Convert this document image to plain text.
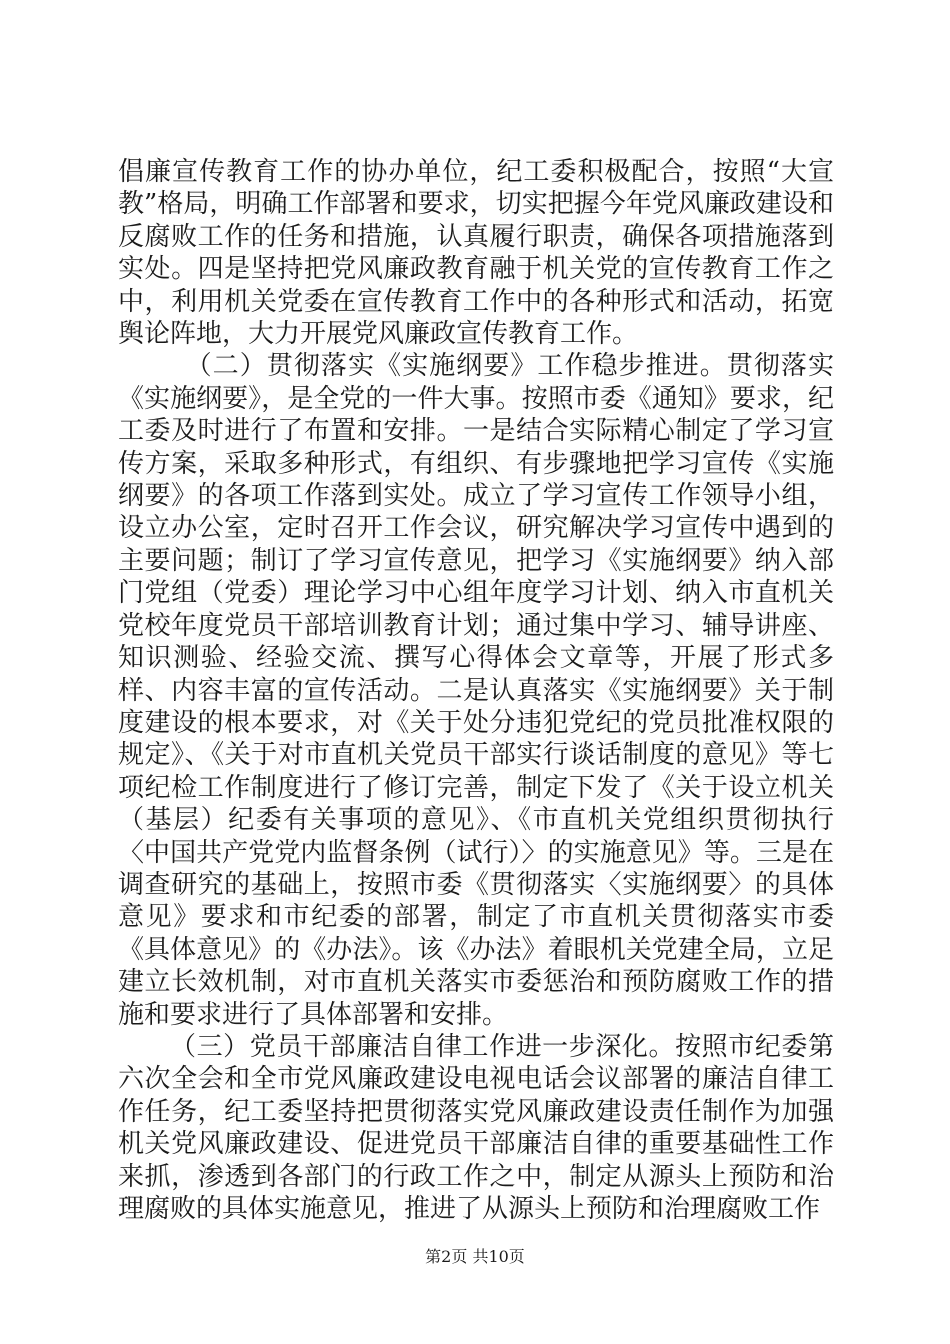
倡廉宣传教育工作的协办单位，纪工委积极配合，按照“大宣教”格局，明确工作部署和要求，切实把握今年党风廉政建设和反腐败工作的任务和措施，认真履行职责，确保各项措施落到实处。四是坚持把党风廉政教育融于机关党的宣传教育工作之中，利用机关党委在宣传教育工作中的各种形式和活动，拓宽舆论阵地，大力开展党风廉政宣传教育工作。

（二）贯彻落实《实施纲要》工作稳步推进。贯彻落实《实施纲要》，是全党的一件大事。按照市委《通知》要求，纪工委及时进行了布置和安排。一是结合实际精心制定了学习宣传方案，采取多种形式，有组织、有步骤地把学习宣传《实施纲要》的各项工作落到实处。成立了学习宣传工作领导小组，设立办公室，定时召开工作会议，研究解决学习宣传中遇到的主要问题；制订了学习宣传意见，把学习《实施纲要》纳入部门党组（党委）理论学习中心组年度学习计划、纳入市直机关党校年度党员干部培训教育计划；通过集中学习、辅导讲座、知识测验、经验交流、撰写心得体会文章等，开展了形式多样、内容丰富的宣传活动。二是认真落实《实施纲要》关于制度建设的根本要求，对《关于处分违犯党纪的党员批准权限的规定》、《关于对市直机关党员干部实行谈话制度的意见》等七项纪检工作制度进行了修订完善，制定下发了《关于设立机关（基层）纪委有关事项的意见》、《市直机关党组织贯彻执行〈中国共产党党内监督条例（试行）〉的实施意见》等。三是在调查研究的基础上，按照市委《贯彻落实〈实施纲要〉的具体意见》要求和市纪委的部署，制定了市直机关贯彻落实市委《具体意见》的《办法》。该《办法》着眼机关党建全局，立足建立长效机制，对市直机关落实市委惩治和预防腐败工作的措施和要求进行了具体部署和安排。

（三）党员干部廉洁自律工作进一步深化。按照市纪委第六次全会和全市党风廉政建设电视电话会议部署的廉洁自律工作任务，纪工委坚持把贯彻落实党风廉政建设责任制作为加强机关党风廉政建设、促进党员干部廉洁自律的重要基础性工作来抓，渗透到各部门的行政工作之中，制定从源头上预防和治理腐败的具体实施意见，推进了从源头上预防和治理腐败工作

第2页 共10页
